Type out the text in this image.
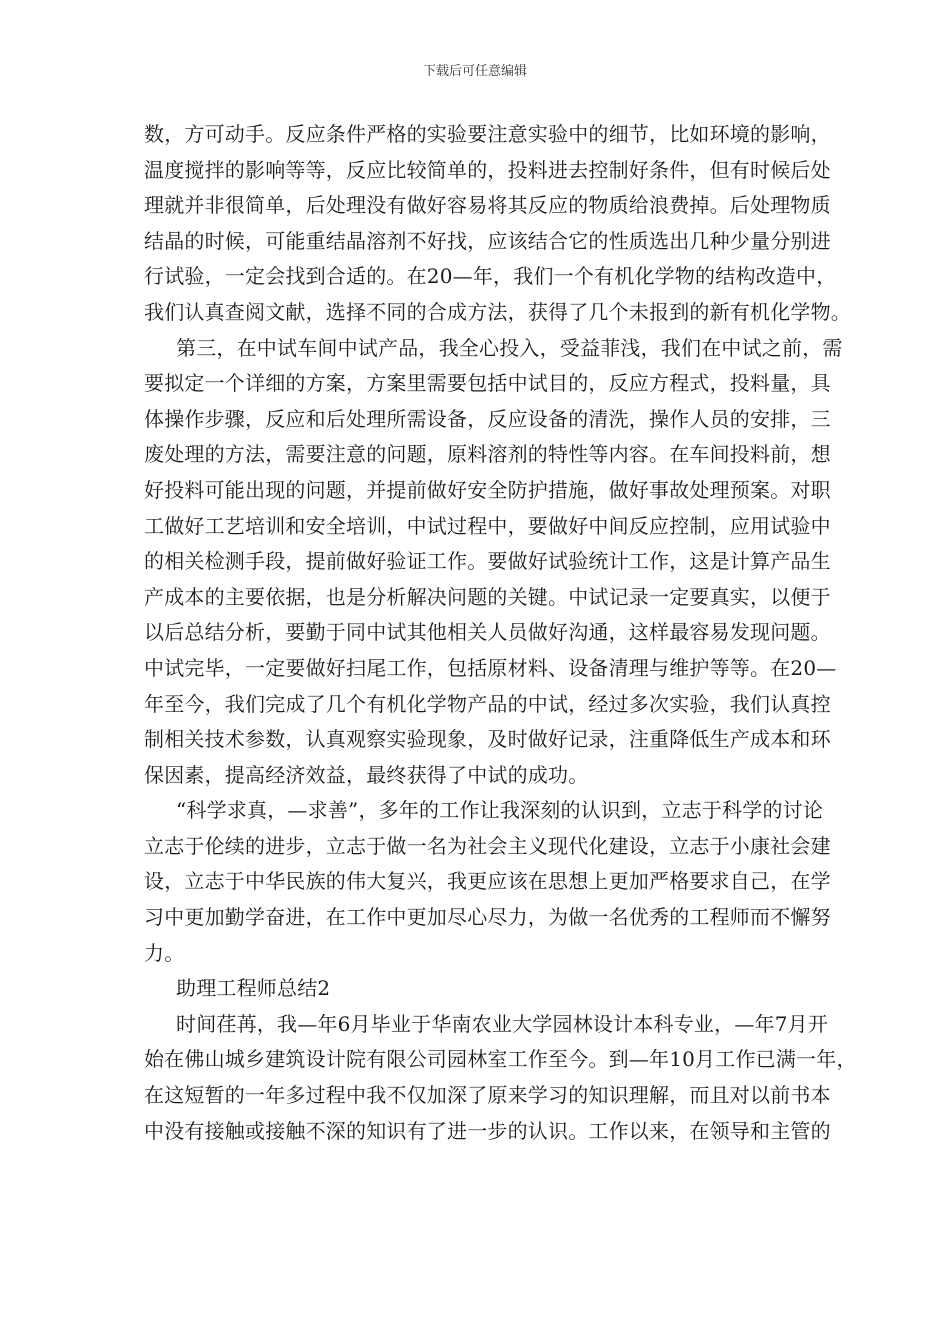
下载后可任意编辑

数，方可动手。反应条件严格的实验要注意实验中的细节，比如环境的影响，
温度搅拌的影响等等，反应比较简单的，投料进去控制好条件，但有时候后处
理就并非很简单，后处理没有做好容易将其反应的物质给浪费掉。后处理物质
结晶的时候，可能重结晶溶剂不好找，应该结合它的性质选出几种少量分别进
行试验，一定会找到合适的。在20—年，我们一个有机化学物的结构改造中，
我们认真查阅文献，选择不同的合成方法，获得了几个未报到的新有机化学物。

第三，在中试车间中试产品，我全心投入，受益菲浅，我们在中试之前，需
要拟定一个详细的方案，方案里需要包括中试目的，反应方程式，投料量，具
体操作步骤，反应和后处理所需设备，反应设备的清洗，操作人员的安排，三
废处理的方法，需要注意的问题，原料溶剂的特性等内容。在车间投料前，想
好投料可能出现的问题，并提前做好安全防护措施，做好事故处理预案。对职
工做好工艺培训和安全培训，中试过程中，要做好中间反应控制，应用试验中
的相关检测手段，提前做好验证工作。要做好试验统计工作，这是计算产品生
产成本的主要依据，也是分析解决问题的关键。中试记录一定要真实，以便于
以后总结分析，要勤于同中试其他相关人员做好沟通，这样最容易发现问题。
中试完毕，一定要做好扫尾工作，包括原材料、设备清理与维护等等。在20—
年至今，我们完成了几个有机化学物产品的中试，经过多次实验，我们认真控
制相关技术参数，认真观察实验现象，及时做好记录，注重降低生产成本和环
保因素，提高经济效益，最终获得了中试的成功。

“科学求真，—求善”，多年的工作让我深刻的认识到，立志于科学的讨论
立志于伦续的进步，立志于做一名为社会主义现代化建设，立志于小康社会建
设，立志于中华民族的伟大复兴，我更应该在思想上更加严格要求自己，在学
习中更加勤学奋进，在工作中更加尽心尽力，为做一名优秀的工程师而不懈努
力。

助理工程师总结2

时间荏苒，我—年6月毕业于华南农业大学园林设计本科专业，—年7月开
始在佛山城乡建筑设计院有限公司园林室工作至今。到—年10月工作已满一年，
在这短暂的一年多过程中我不仅加深了原来学习的知识理解，而且对以前书本
中没有接触或接触不深的知识有了进一步的认识。工作以来，在领导和主管的
